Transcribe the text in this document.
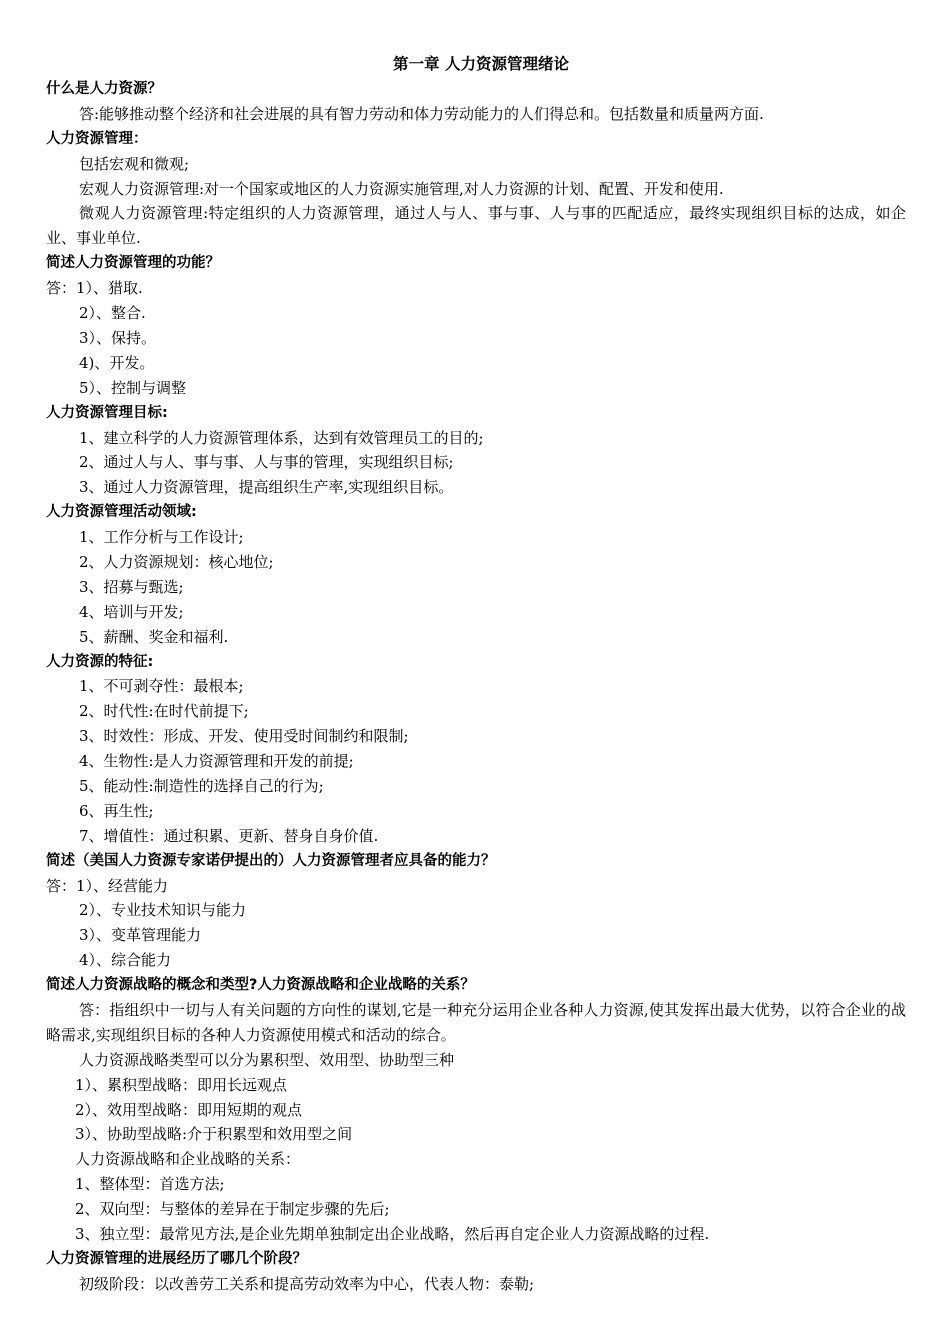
第一章 人力资源管理绪论

什么是人力资源？

答:能够推动整个经济和社会进展的具有智力劳动和体力劳动能力的人们得总和。包括数量和质量两方面.

人力资源管理：

包括宏观和微观;

宏观人力资源管理:对一个国家或地区的人力资源实施管理,对人力资源的计划、配置、开发和使用.

微观人力资源管理:特定组织的人力资源管理，通过人与人、事与事、人与事的匹配适应，最终实现组织目标的达成，如企业、事业单位.

简述人力资源管理的功能？

答：1）、猎取.

2）、整合.

3）、保持。

4)、开发。

5）、控制与调整

人力资源管理目标:

1、建立科学的人力资源管理体系，达到有效管理员工的目的;

2、通过人与人、事与事、人与事的管理，实现组织目标;

3、通过人力资源管理，提高组织生产率,实现组织目标。

人力资源管理活动领域:

1、工作分析与工作设计;

2、人力资源规划：核心地位;

3、招募与甄选;

4、培训与开发;

5、薪酬、奖金和福利.

人力资源的特征:

1、不可剥夺性：最根本;

2、时代性:在时代前提下;

3、时效性：形成、开发、使用受时间制约和限制;

4、生物性:是人力资源管理和开发的前提;

5、能动性:制造性的选择自己的行为;

6、再生性;

7、增值性：通过积累、更新、替身自身价值.

简述（美国人力资源专家诺伊提出的）人力资源管理者应具备的能力？

答：1）、经营能力

2）、专业技术知识与能力

3）、变革管理能力

4）、综合能力

简述人力资源战略的概念和类型?人力资源战略和企业战略的关系？

答：指组织中一切与人有关问题的方向性的谋划,它是一种充分运用企业各种人力资源,使其发挥出最大优势，以符合企业的战略需求,实现组织目标的各种人力资源使用模式和活动的综合。

人力资源战略类型可以分为累积型、效用型、协助型三种

1）、累积型战略：即用长远观点

2）、效用型战略：即用短期的观点

3）、协助型战略:介于积累型和效用型之间

人力资源战略和企业战略的关系：

1、整体型：首选方法;

2、双向型：与整体的差异在于制定步骤的先后;

3、独立型：最常见方法,是企业先期单独制定出企业战略，然后再自定企业人力资源战略的过程.

人力资源管理的进展经历了哪几个阶段？

初级阶段：以改善劳工关系和提高劳动效率为中心，代表人物：泰勒;
